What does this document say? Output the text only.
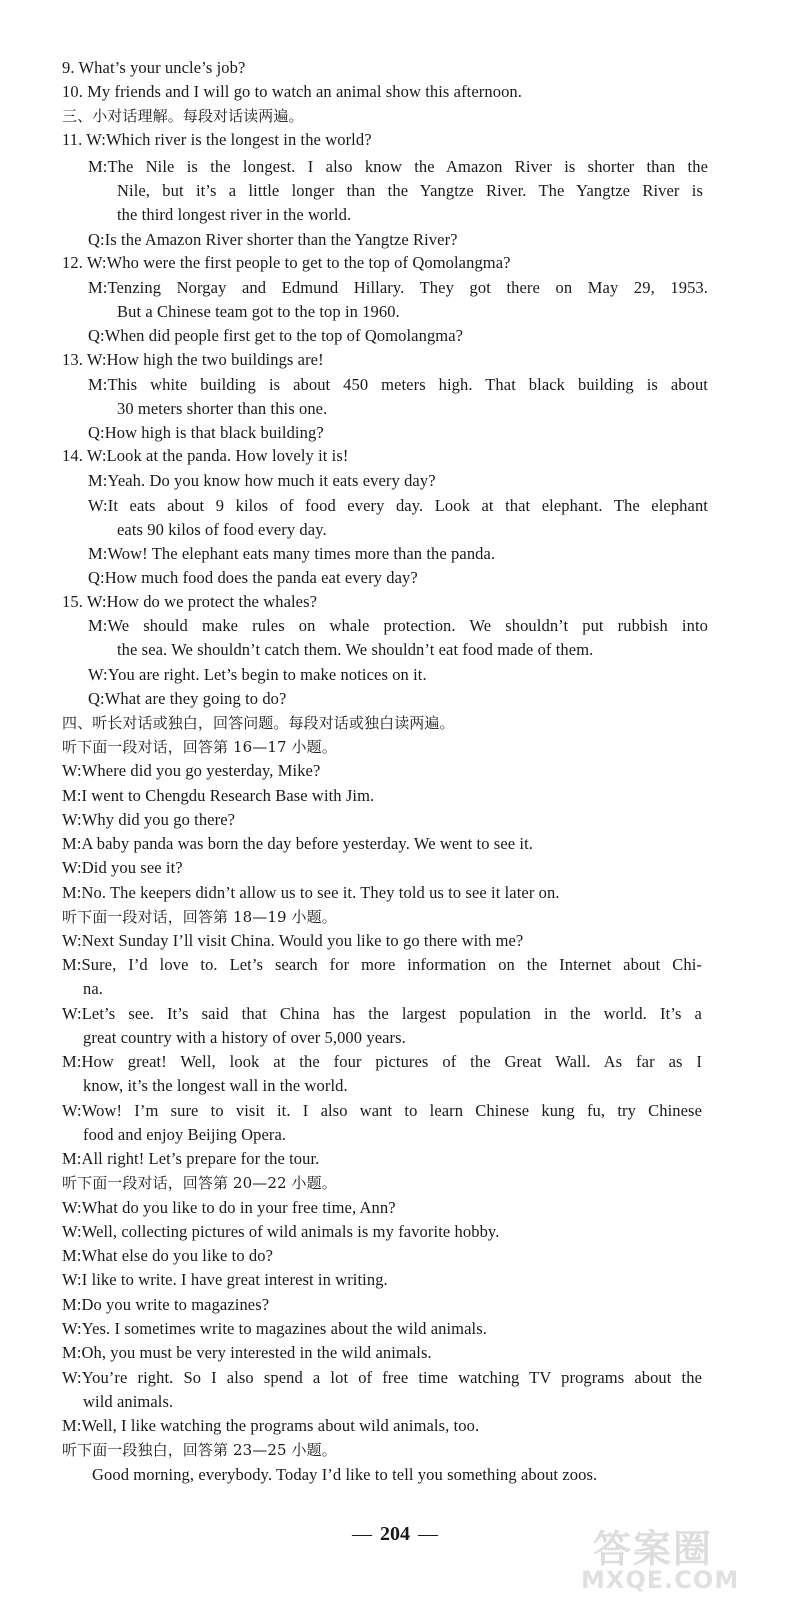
9. What’s your uncle’s job?
10. My friends and I will go to watch an animal show this afternoon.
三、小对话理解。每段对话读两遍。
11. W:Which river is the longest in the world?
M:The Nile is the longest. I also know the Amazon River is shorter than the
Nile, but it’s a little longer than the Yangtze River. The Yangtze River is
the third longest river in the world.
Q:Is the Amazon River shorter than the Yangtze River?
12. W:Who were the first people to get to the top of Qomolangma?
M:Tenzing Norgay and Edmund Hillary. They got there on May 29, 1953.
But a Chinese team got to the top in 1960.
Q:When did people first get to the top of Qomolangma?
13. W:How high the two buildings are!
M:This white building is about 450 meters high. That black building is about
30 meters shorter than this one.
Q:How high is that black building?
14. W:Look at the panda. How lovely it is!
M:Yeah. Do you know how much it eats every day?
W:It eats about 9 kilos of food every day. Look at that elephant. The elephant
eats 90 kilos of food every day.
M:Wow! The elephant eats many times more than the panda.
Q:How much food does the panda eat every day?
15. W:How do we protect the whales?
M:We should make rules on whale protection. We shouldn’t put rubbish into
the sea. We shouldn’t catch them. We shouldn’t eat food made of them.
W:You are right. Let’s begin to make notices on it.
Q:What are they going to do?
四、听长对话或独白，回答问题。每段对话或独白读两遍。
听下面一段对话，回答第 16—17 小题。
W:Where did you go yesterday, Mike?
M:I went to Chengdu Research Base with Jim.
W:Why did you go there?
M:A baby panda was born the day before yesterday. We went to see it.
W:Did you see it?
M:No. The keepers didn’t allow us to see it. They told us to see it later on.
听下面一段对话，回答第 18—19 小题。
W:Next Sunday I’ll visit China. Would you like to go there with me?
M:Sure, I’d love to. Let’s search for more information on the Internet about Chi-
na.
W:Let’s see. It’s said that China has the largest population in the world. It’s a
great country with a history of over 5,000 years.
M:How great! Well, look at the four pictures of the Great Wall. As far as I
know, it’s the longest wall in the world.
W:Wow! I’m sure to visit it. I also want to learn Chinese kung fu, try Chinese
food and enjoy Beijing Opera.
M:All right! Let’s prepare for the tour.
听下面一段对话，回答第 20—22 小题。
W:What do you like to do in your free time, Ann?
W:Well, collecting pictures of wild animals is my favorite hobby.
M:What else do you like to do?
W:I like to write. I have great interest in writing.
M:Do you write to magazines?
W:Yes. I sometimes write to magazines about the wild animals.
M:Oh, you must be very interested in the wild animals.
W:You’re right. So I also spend a lot of free time watching TV programs about the
wild animals.
M:Well, I like watching the programs about wild animals, too.
听下面一段独白，回答第 23—25 小题。
Good morning, everybody. Today I’d like to tell you something about zoos.
— 204 —	答案圈
MXQE.COM
